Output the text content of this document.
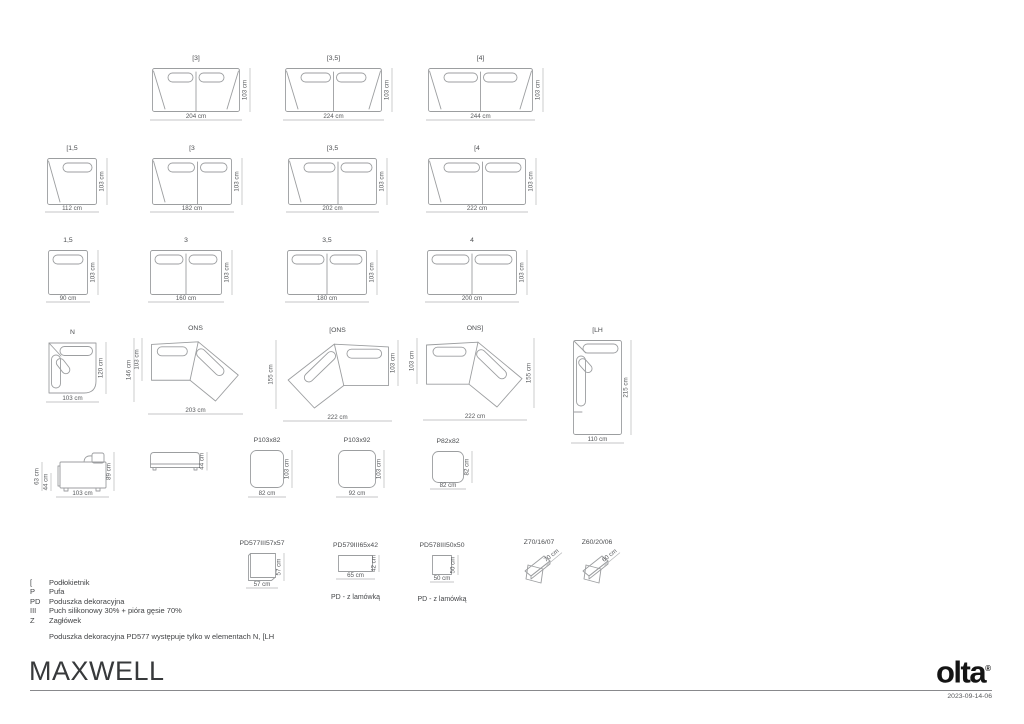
[	Podłokietnik
P	Pufa
PD	Poduszka dekoracyjna
III	Puch silikonowy 30% + pióra gęsie 70%
Z	Zagłówek
Poduszka dekoracyjna PD577 występuje tylko w elementach N, [LH
MAXWELL	olta®
2023-09-14-06
[3]
204 cm
103 cm
[3,5]
224 cm
103 cm
[4]
244 cm
103 cm
[1,5
112 cm
103 cm
[3
182 cm
103 cm
[3,5
202 cm
103 cm
[4
222 cm
103 cm
1,5
90 cm
103 cm
3
160 cm
103 cm
3,5
180 cm
103 cm
4
200 cm
103 cm
N
103 cm
120 cm
ONS
203 cm
103 cm
146 cm
[ONS
222 cm
155 cm
103 cm
ONS]
222 cm
103 cm
155 cm
[LH
110 cm
215 cm
44 cm
63 cm	89 cm
103 cm
44 cm
P103x82
82 cm
103 cm
P103x92
92 cm
103 cm
P82x82
82 cm
82 cm
PD577III57x57
57 cm
57 cm
PD579III65x42
65 cm
42 cm
PD - z lamówką
PD578III50x50
50 cm
50 cm
PD - z lamówką
Z70/16/07
70 cm
Z60/20/06
60 cm
